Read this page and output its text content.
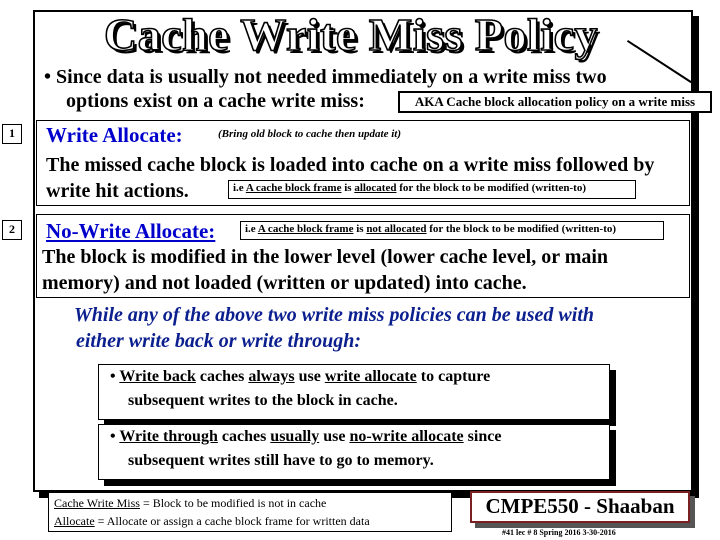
Cache Write Miss Policy
• Since data is usually not needed immediately on a write miss two
options exist on a cache write miss:	AKA Cache block allocation policy on a write miss
1	Write Allocate:	(Bring old block to cache then update it)
The missed cache block is loaded into cache on a write miss followed by
write hit actions.	i.e A cache block frame is allocated for the block to be modified (written-to)
2	No-Write Allocate:	i.e A cache block frame is not allocated for the block to be modified (written-to)
The block is modified in the lower level (lower cache level, or main
memory) and not loaded (written or updated) into cache.
While any of the above two write miss policies can be used with
either write back or write through:
• Write back caches always use write allocate to capture
subsequent writes to the block in cache.
• Write through caches usually use no-write allocate since
subsequent writes still have to go to memory.
Cache Write Miss = Block to be modified is not in cache
Allocate = Allocate or assign a cache block frame for written data
CMPE550 - Shaaban
#41 lec # 8 Spring 2016 3-30-2016
